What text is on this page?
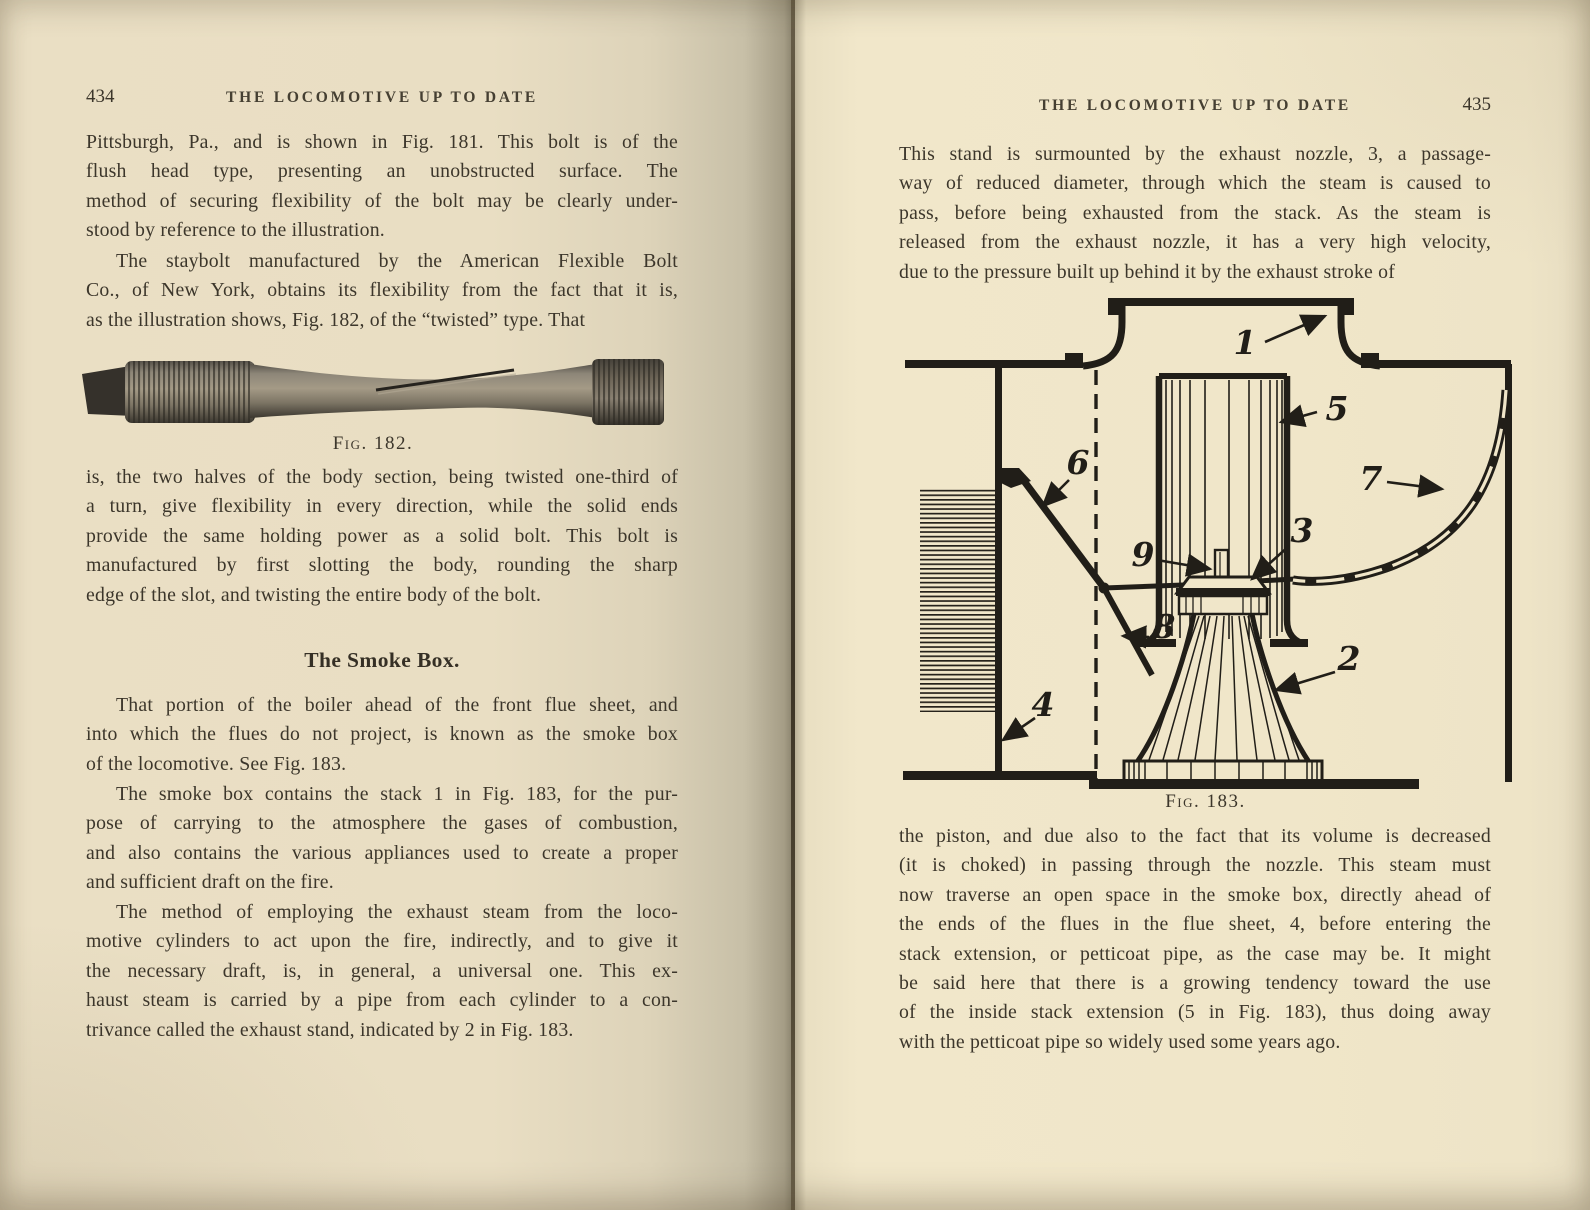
434	THE LOCOMOTIVE UP TO DATE
Pittsburgh, Pa., and is shown in Fig. 181. This bolt is of the
flush head type, presenting an unobstructed surface. The
method of securing flexibility of the bolt may be clearly under-
stood by reference to the illustration.
The staybolt manufactured by the American Flexible Bolt
Co., of New York, obtains its flexibility from the fact that it is,
as the illustration shows, Fig. 182, of the “twisted” type. That
Fig. 182.
is, the two halves of the body section, being twisted one-third of
a turn, give flexibility in every direction, while the solid ends
provide the same holding power as a solid bolt. This bolt is
manufactured by first slotting the body, rounding the sharp
edge of the slot, and twisting the entire body of the bolt.
The Smoke Box.
That portion of the boiler ahead of the front flue sheet, and
into which the flues do not project, is known as the smoke box
of the locomotive. See Fig. 183.
The smoke box contains the stack 1 in Fig. 183, for the pur-
pose of carrying to the atmosphere the gases of combustion,
and also contains the various appliances used to create a proper
and sufficient draft on the fire.
The method of employing the exhaust steam from the loco-
motive cylinders to act upon the fire, indirectly, and to give it
the necessary draft, is, in general, a universal one. This ex-
haust steam is carried by a pipe from each cylinder to a con-
trivance called the exhaust stand, indicated by 2 in Fig. 183.
THE LOCOMOTIVE UP TO DATE	435
This stand is surmounted by the exhaust nozzle, 3, a passage-
way of reduced diameter, through which the steam is caused to
pass, before being exhausted from the stack. As the steam is
released from the exhaust nozzle, it has a very high velocity,
due to the pressure built up behind it by the exhaust stroke of
1
5
6	7
9
3
8
2
4
Fig. 183.
the piston, and due also to the fact that its volume is decreased
(it is choked) in passing through the nozzle. This steam must
now traverse an open space in the smoke box, directly ahead of
the ends of the flues in the flue sheet, 4, before entering the
stack extension, or petticoat pipe, as the case may be. It might
be said here that there is a growing tendency toward the use
of the inside stack extension (5 in Fig. 183), thus doing away
with the petticoat pipe so widely used some years ago.
